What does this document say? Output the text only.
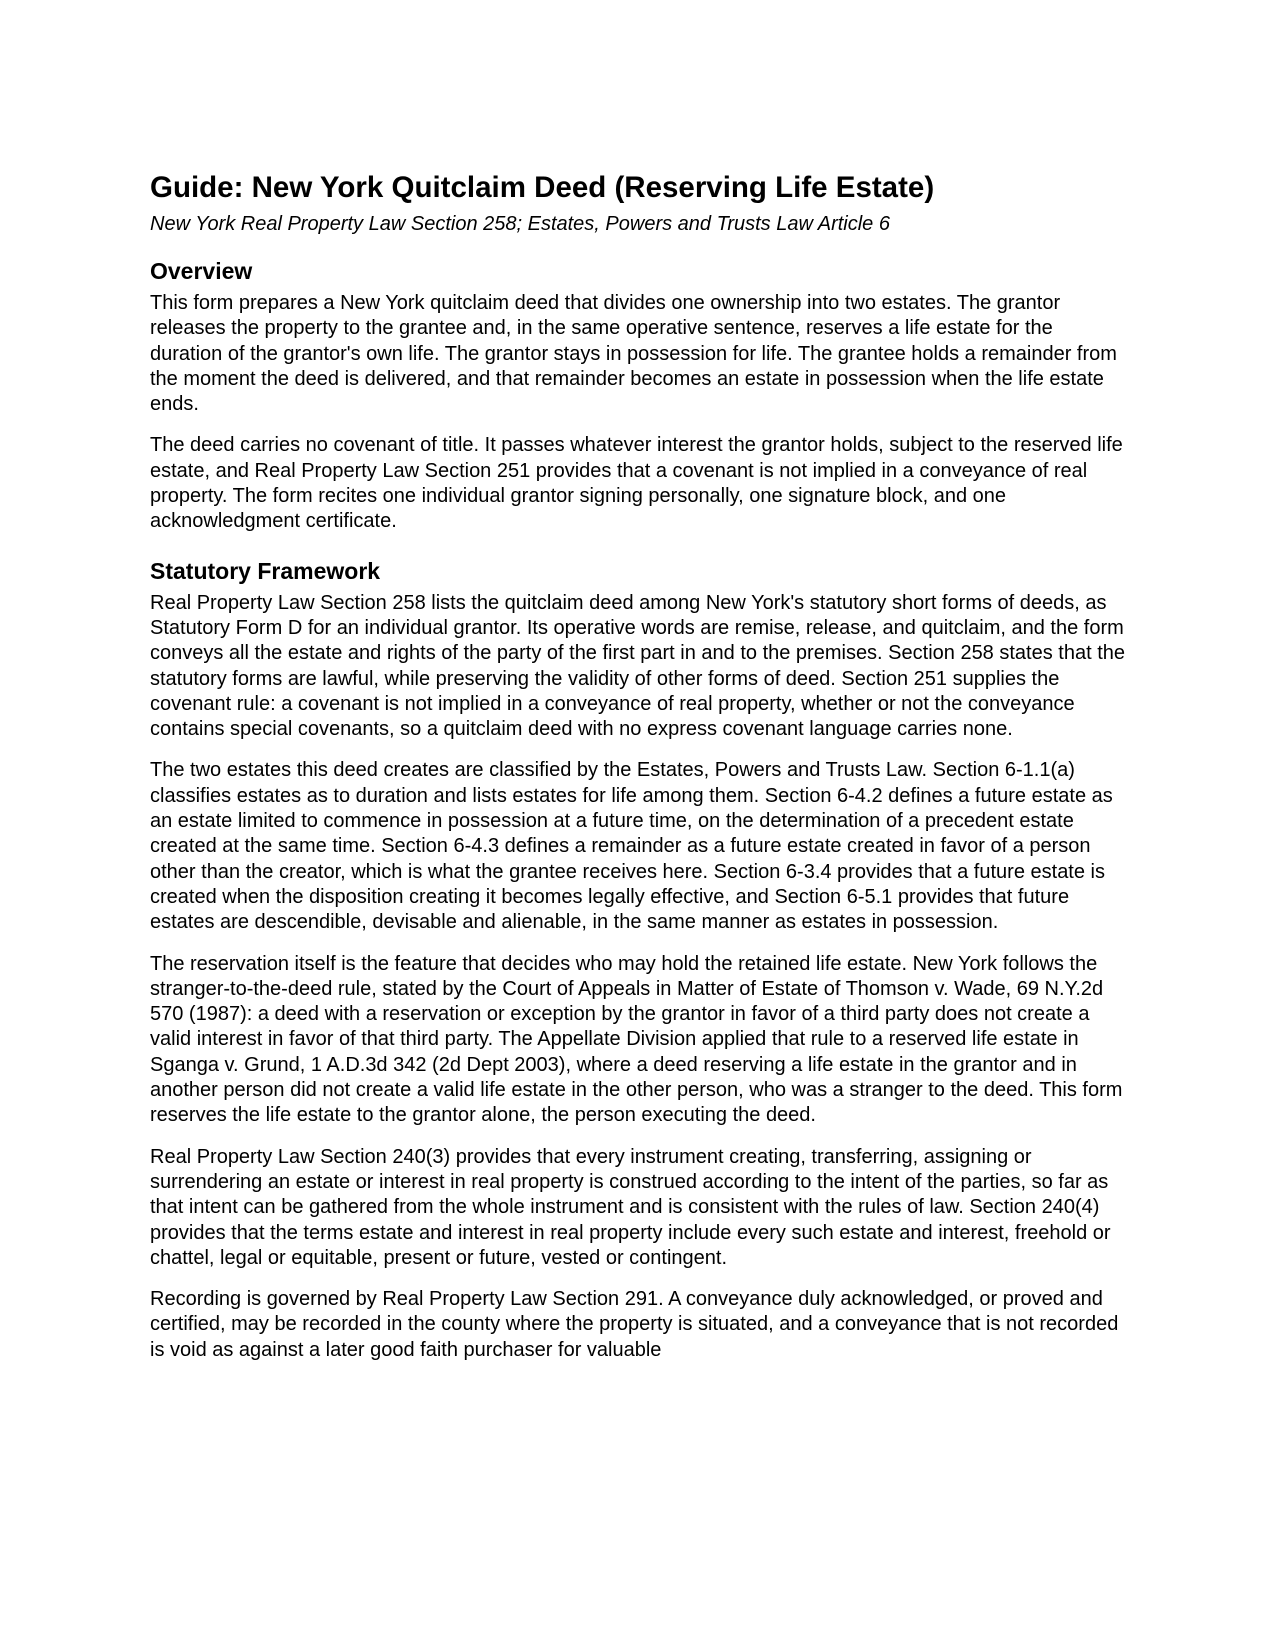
Guide: New York Quitclaim Deed (Reserving Life Estate)
New York Real Property Law Section 258; Estates, Powers and Trusts Law Article 6
Overview

This form prepares a New York quitclaim deed that divides one ownership into two estates. The grantor releases the property to the grantee and, in the same operative sentence, reserves a life estate for the duration of the grantor's own life. The grantor stays in possession for life. The grantee holds a remainder from the moment the deed is delivered, and that remainder becomes an estate in possession when the life estate ends.

The deed carries no covenant of title. It passes whatever interest the grantor holds, subject to the reserved life estate, and Real Property Law Section 251 provides that a covenant is not implied in a conveyance of real property. The form recites one individual grantor signing personally, one signature block, and one acknowledgment certificate.

Statutory Framework

Real Property Law Section 258 lists the quitclaim deed among New York's statutory short forms of deeds, as Statutory Form D for an individual grantor. Its operative words are remise, release, and quitclaim, and the form conveys all the estate and rights of the party of the first part in and to the premises. Section 258 states that the statutory forms are lawful, while preserving the validity of other forms of deed. Section 251 supplies the covenant rule: a covenant is not implied in a conveyance of real property, whether or not the conveyance contains special covenants, so a quitclaim deed with no express covenant language carries none.

The two estates this deed creates are classified by the Estates, Powers and Trusts Law. Section 6-1.1(a) classifies estates as to duration and lists estates for life among them. Section 6-4.2 defines a future estate as an estate limited to commence in possession at a future time, on the determination of a precedent estate created at the same time. Section 6-4.3 defines a remainder as a future estate created in favor of a person other than the creator, which is what the grantee receives here. Section 6-3.4 provides that a future estate is created when the disposition creating it becomes legally effective, and Section 6-5.1 provides that future estates are descendible, devisable and alienable, in the same manner as estates in possession.

The reservation itself is the feature that decides who may hold the retained life estate. New York follows the stranger-to-the-deed rule, stated by the Court of Appeals in Matter of Estate of Thomson v. Wade, 69 N.Y.2d 570 (1987): a deed with a reservation or exception by the grantor in favor of a third party does not create a valid interest in favor of that third party. The Appellate Division applied that rule to a reserved life estate in Sganga v. Grund, 1 A.D.3d 342 (2d Dept 2003), where a deed reserving a life estate in the grantor and in another person did not create a valid life estate in the other person, who was a stranger to the deed. This form reserves the life estate to the grantor alone, the person executing the deed.

Real Property Law Section 240(3) provides that every instrument creating, transferring, assigning or surrendering an estate or interest in real property is construed according to the intent of the parties, so far as that intent can be gathered from the whole instrument and is consistent with the rules of law. Section 240(4) provides that the terms estate and interest in real property include every such estate and interest, freehold or chattel, legal or equitable, present or future, vested or contingent.

Recording is governed by Real Property Law Section 291. A conveyance duly acknowledged, or proved and certified, may be recorded in the county where the property is situated, and a conveyance that is not recorded is void as against a later good faith purchaser for valuable
